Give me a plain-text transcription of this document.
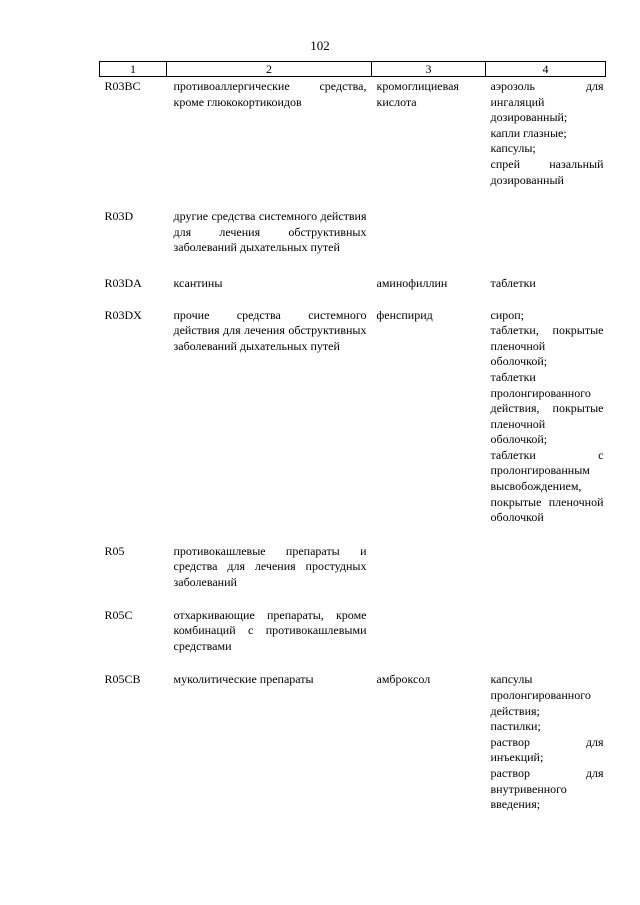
102
1	2	3	4
R03BC	противоаллергические средства, кроме глюкокортикоидов	кромоглициевая кислота	аэрозоль для ингаляций дозированный;
капли глазные;
капсулы;
спрей назальный дозированный

R03D	другие средства системного действия для лечения обструктивных заболеваний дыхательных путей		
R03DA	ксантины	аминофиллин	таблетки

R03DX	прочие средства системного действия для лечения обструктивных заболеваний дыхательных путей	фенспирид	сироп;
таблетки, покрытые пленочной оболочкой;
таблетки пролонгированного действия, покрытые пленочной оболочкой;
таблетки с пролонгированным высвобождением, покрытые пленочной оболочкой

R05	противокашлевые препараты и средства для лечения простудных заболеваний		
R05C	отхаркивающие препараты, кроме комбинаций с противокашлевыми средствами		
R05CB	муколитические препараты	амброксол	капсулы пролонгированного действия;
пастилки;
раствор для инъекций;
раствор для внутривенного введения;
